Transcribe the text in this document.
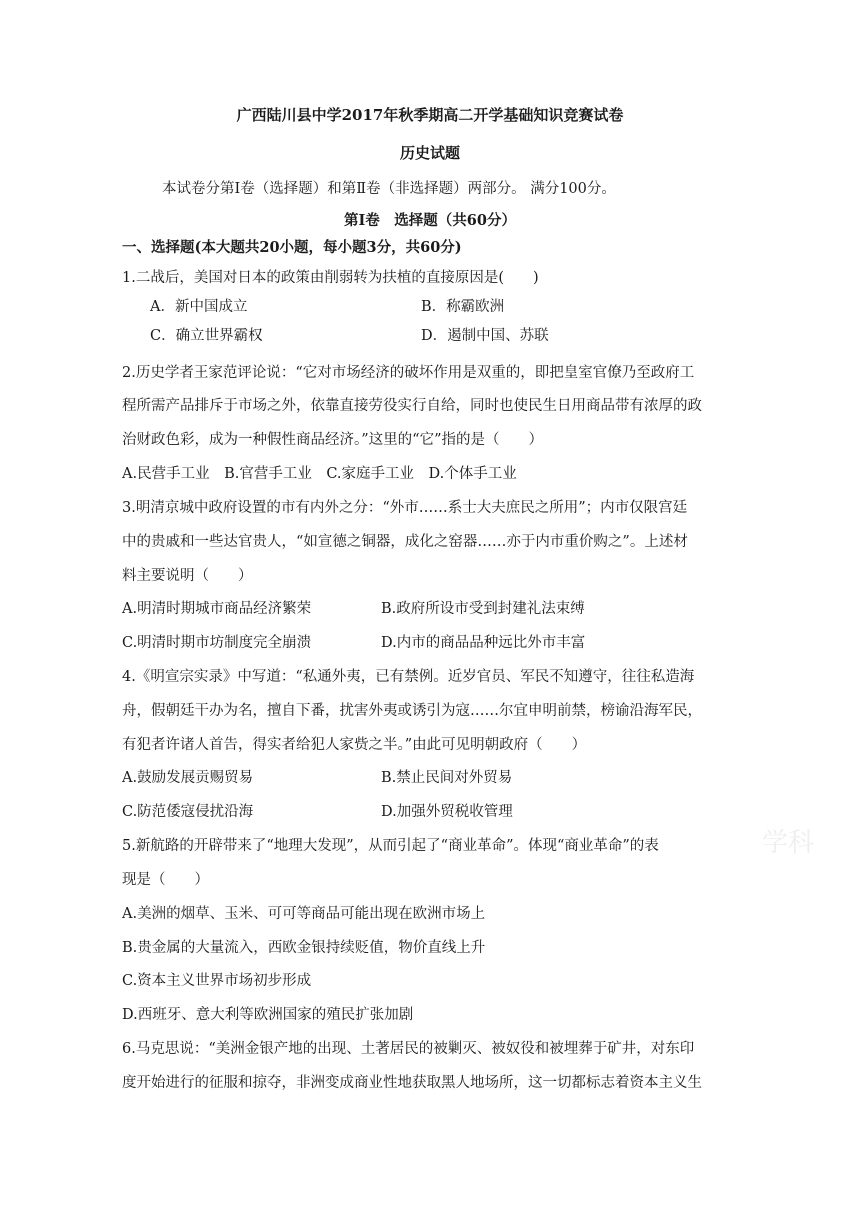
广西陆川县中学2017年秋季期高二开学基础知识竞赛试卷
历史试题
本试卷分第Ⅰ卷（选择题）和第Ⅱ卷（非选择题）两部分。 满分100分。
第Ⅰ卷　选择题（共60分）
一、选择题(本大题共20小题，每小题3分，共60分)
1.二战后，美国对日本的政策由削弱转为扶植的直接原因是(　　)
A．新中国成立	B．称霸欧洲
C．确立世界霸权	D．遏制中国、苏联
2.历史学者王家范评论说：“它对市场经济的破坏作用是双重的，即把皇室官僚乃至政府工
程所需产品排斥于市场之外，依靠直接劳役实行自给，同时也使民生日用商品带有浓厚的政
治财政色彩，成为一种假性商品经济。”这里的“它”指的是（　　）
A.民营手工业　B.官营手工业　C.家庭手工业　D.个体手工业
3.明清京城中政府设置的市有内外之分：“外市……系士大夫庶民之所用”；内市仅限宫廷
中的贵戚和一些达官贵人，“如宣德之铜器，成化之窑器……亦于内市重价购之”。上述材
料主要说明（　　）
A.明清时期城市商品经济繁荣	B.政府所设市受到封建礼法束缚
C.明清时期市坊制度完全崩溃	D.内市的商品品种远比外市丰富
4.《明宣宗实录》中写道：“私通外夷，已有禁例。近岁官员、军民不知遵守，往往私造海
舟，假朝廷干办为名，擅自下番，扰害外夷或诱引为寇……尔宜申明前禁，榜谕沿海军民，
有犯者许诸人首告，得实者给犯人家赀之半。”由此可见明朝政府（　　）
A.鼓励发展贡赐贸易	B.禁止民间对外贸易
C.防范倭寇侵扰沿海	D.加强外贸税收管理
5.新航路的开辟带来了“地理大发现”，从而引起了“商业革命”。体现“商业革命”的表
现是（　　）
A.美洲的烟草、玉米、可可等商品可能出现在欧洲市场上
B.贵金属的大量流入，西欧金银持续贬值，物价直线上升
C.资本主义世界市场初步形成
D.西班牙、意大利等欧洲国家的殖民扩张加剧
6.马克思说：“美洲金银产地的出现、土著居民的被剿灭、被奴役和被埋葬于矿井，对东印
度开始进行的征服和掠夺，非洲变成商业性地获取黑人地场所，这一切都标志着资本主义生
学科
